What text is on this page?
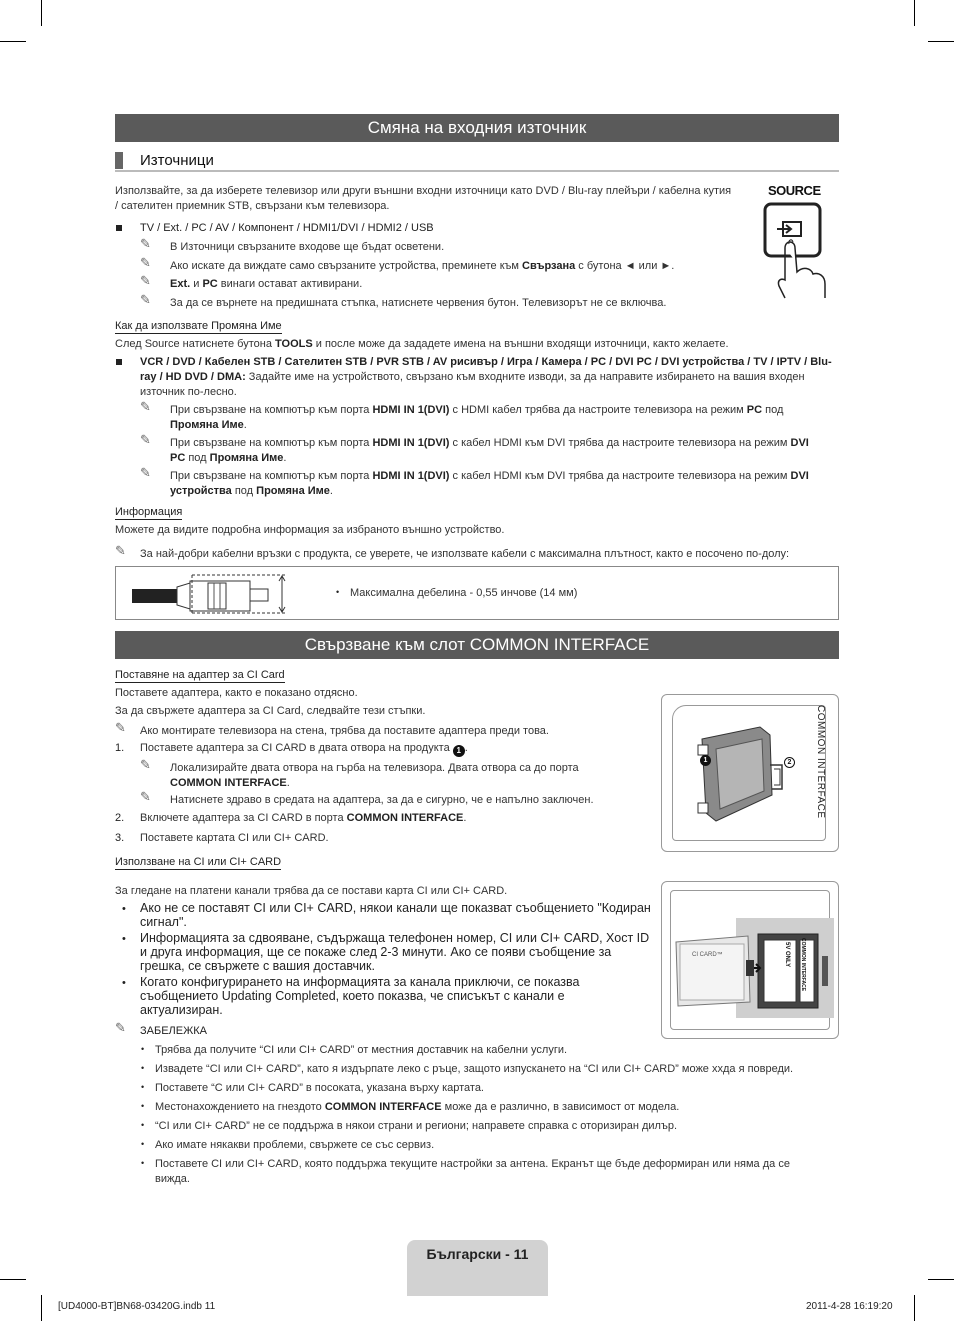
Смяна на входния източник
Източници
Използвайте, за да изберете телевизор или други външни входни източници като DVD / Blu-ray плейъри / кабелна кутия / сателитен приемник STB, свързани към телевизора.
SOURCE
TV / Ext. / PC / AV / Компонент / HDMI1/DVI / HDMI2 / USB
✎ В Източници свързаните входове ще бъдат осветени.
✎ Ако искате да виждате само свързаните устройства, преминете към Свързана с бутона ◄ или ►.
✎ Ext. и PC винаги остават активирани.
✎ За да се върнете на предишната стъпка, натиснете червения бутон. Телевизорът не се включва.
Как да използвате Промяна Име
След Source натиснете бутона TOOLS и после може да зададете имена на външни входящи източници, както желаете.
VCR / DVD / Кабелен STB / Сателитен STB / PVR STB / AV рисивър / Игра / Камера / PC / DVI PC / DVI устройства / TV / IPTV / Blu-ray / HD DVD / DMA: Задайте име на устройството, свързано към входните изводи, за да направите избирането на вашия входен източник по-лесно.
✎ При свързване на компютър към порта HDMI IN 1(DVI) с HDMI кабел трябва да настроите телевизора на режим PC под
Промяна Име.
✎ При свързване на компютър към порта HDMI IN 1(DVI) с кабел HDMI към DVI трябва да настроите телевизора на режим DVI
PC под Промяна Име.
✎ При свързване на компютър към порта HDMI IN 1(DVI) с кабел HDMI към DVI трябва да настроите телевизора на режим DVI
устройства под Промяна Име.
Информация
Можете да видите подробна информация за избраното външно устройство.
✎ За най-добри кабелни връзки с продукта, се уверете, че използвате кабели с максимална плътност, както е посочено по-долу:
• Максимална дебелина - 0,55 инчове (14 мм)
Свързване към слот COMMON INTERFACE
Поставяне на адаптер за CI Card
Поставете адаптера, както е показано отдясно.
За да свържете адаптера за CI Card, следвайте тези стъпки.
✎ Ако монтирате телевизора на стена, трябва да поставите адаптера преди това.
1. Поставете адаптера за CI CARD в двата отвора на продукта 1 .
✎ Локализирайте двата отвора на гърба на телевизора. Двата отвора са до порта
COMMON INTERFACE.
✎ Натиснете здраво в средата на адаптера, за да е сигурно, че е напълно заключен.
2. Включете адаптера за CI CARD в порта COMMON INTERFACE.
3. Поставете картата CI или CI+ CARD.
1	2	COMMON INTERFACE
Използване на CI или CI+ CARD
За гледане на платени канали трябва да се постави карта CI или CI+ CARD.
• Ако не се поставят CI или CI+ CARD, някои канали ще показват съобщението "Кодиран сигнал".
• Информацията за сдвояване, съдържаща телефонен номер, CI или CI+ CARD, Хост ID и друга информация, ще се покаже след 2-3 минути. Ако се появи съобщение за грешка, се свържете с вашия доставчик.
• Когато конфигурирането на информацията за канала приключи, се показва съобщението Updating Completed, което показва, че списъкът с канали е актуализиран.
CI CARD™	5V ONLY	COMMON INTERFACE
✎ ЗАБЕЛЕЖКА
• Трябва да получите “CI или CI+ CARD” от местния доставчик на кабелни услуги.
• Извадете “CI или CI+ CARD”, като я издърпате леко с ръце, защото изпускането на “CI или CI+ CARD” може ххда я повреди.
• Поставете “C или CI+ CARD” в посоката, указана върху картата.
• Местонахождението на гнездото COMMON INTERFACE може да е различно, в зависимост от модела.
• “CI или CI+ CARD” не се поддържа в някои страни и региони; направете справка с оторизиран дилър.
• Ако имате някакви проблеми, свържете се със сервиз.
• Поставете CI или CI+ CARD, която поддържа текущите настройки за антена. Екранът ще бъде деформиран или няма да се вижда.
Български - 11
[UD4000-BT]BN68-03420G.indb 11	2011-4-28 16:19:20
